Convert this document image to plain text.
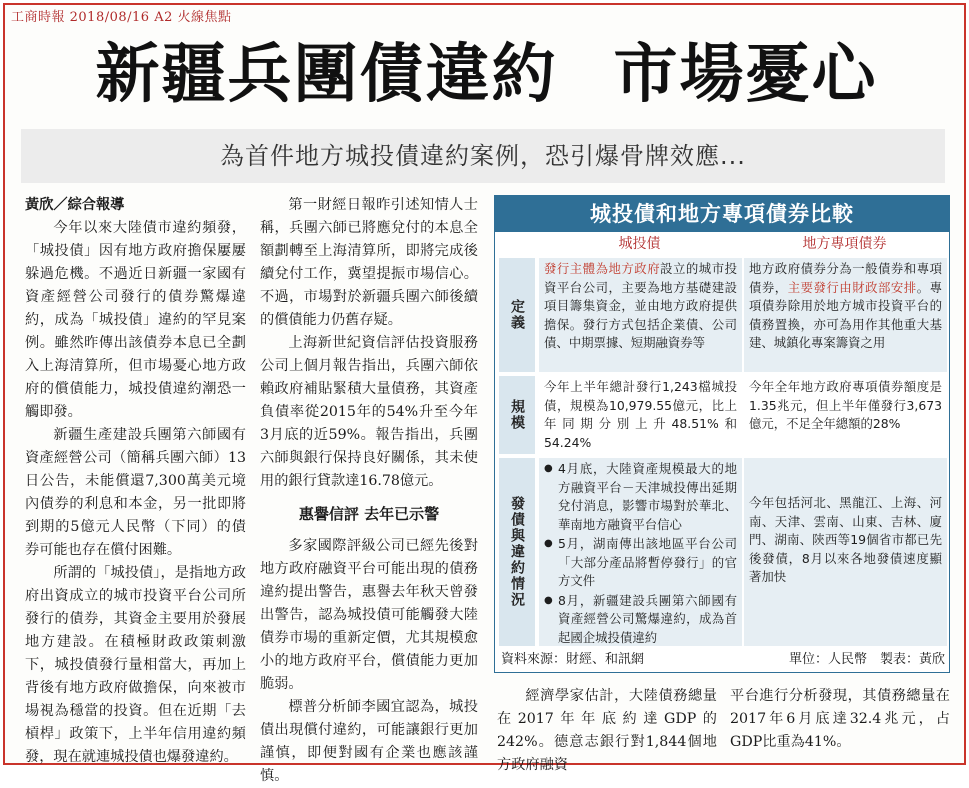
工商時報 2018/08/16 A2 火線焦點
新疆兵團債違約 市場憂心
為首件地方城投債違約案例，恐引爆骨牌效應...

黃欣／綜合報導

今年以來大陸債市違約頻發，「城投債」因有地方政府擔保屢屢躲過危機。不過近日新疆一家國有資產經營公司發行的債券驚爆違約，成為「城投債」違約的罕見案例。雖然昨傳出該債券本息已全劃入上海清算所，但市場憂心地方政府的償債能力，城投債違約潮恐一觸即發。

新疆生產建設兵團第六師國有資產經營公司（簡稱兵團六師）13日公告，未能償還7,300萬美元境內債券的利息和本金，另一批即將到期的5億元人民幣（下同）的債券可能也存在償付困難。

所謂的「城投債」，是指地方政府出資成立的城市投資平台公司所發行的債券，其資金主要用於發展地方建設。在積極財政政策刺激下，城投債發行量相當大，再加上背後有地方政府做擔保，向來被市場視為穩當的投資。但在近期「去槓桿」政策下，上半年信用違約頻發，現在就連城投債也爆發違約。

第一財經日報昨引述知情人士稱，兵團六師已將應兌付的本息全額劃轉至上海清算所，即將完成後續兌付工作，冀望提振市場信心。不過，市場對於新疆兵團六師後續的償債能力仍舊存疑。

上海新世紀資信評估投資服務公司上個月報告指出，兵團六師依賴政府補貼緊積大量債務，其資產負債率從2015年的54%升至今年3月底的近59%。報告指出，兵團六師與銀行保持良好關係，其未使用的銀行貸款達16.78億元。

惠譽信評 去年已示警

多家國際評級公司已經先後對地方政府融資平台可能出現的債務違約提出警告，惠譽去年秋天曾發出警告，認為城投債可能觸發大陸債券市場的重新定價，尤其規模愈小的地方政府平台，償債能力更加脆弱。

標普分析師李國宜認為，城投債出現償付違約，可能讓銀行更加謹慎，即便對國有企業也應該謹慎。

經濟學家估計，大陸債務總量在2017年年底約達GDP的242%。德意志銀行對1,844個地方政府融資

平台進行分析發現，其債務總量在2017年6月底達32.4兆元，占GDP比重為41%。

城投債和地方專項債券比較
城投債	地方專項債券
定義
發行主體為地方政府設立的城市投資平台公司，主要為地方基礎建設項目籌集資金，並由地方政府提供擔保。發行方式包括企業債、公司債、中期票據、短期融資券等
地方政府債券分為一般債券和專項債券，主要發行由財政部安排。專項債券除用於地方城市投資平台的債務置換，亦可為用作其他重大基建、城鎮化專案籌資之用
規模
今年上半年總計發行1,243檔城投債，規模為10,979.55億元，比上年同期分別上升48.51%和54.24%
今年全年地方政府專項債券額度是1.35兆元，但上半年僅發行3,673億元，不足全年總額的28%
發債與違約情況
● 4月底，大陸資產規模最大的地方融資平台－天津城投傳出延期兌付消息，影響市場對於華北、華南地方融資平台信心
● 5月，湖南傳出該地區平台公司「大部分產品將暫停發行」的官方文件
● 8月，新疆建設兵團第六師國有資產經營公司驚爆違約，成為首起國企城投債違約
今年包括河北、黑龍江、上海、河南、天津、雲南、山東、吉林、廈門、湖南、陝西等19個省市都已先後發債，8月以來各地發債速度顯著加快
資料來源：財經、和訊網	單位：人民幣　製表：黃欣
